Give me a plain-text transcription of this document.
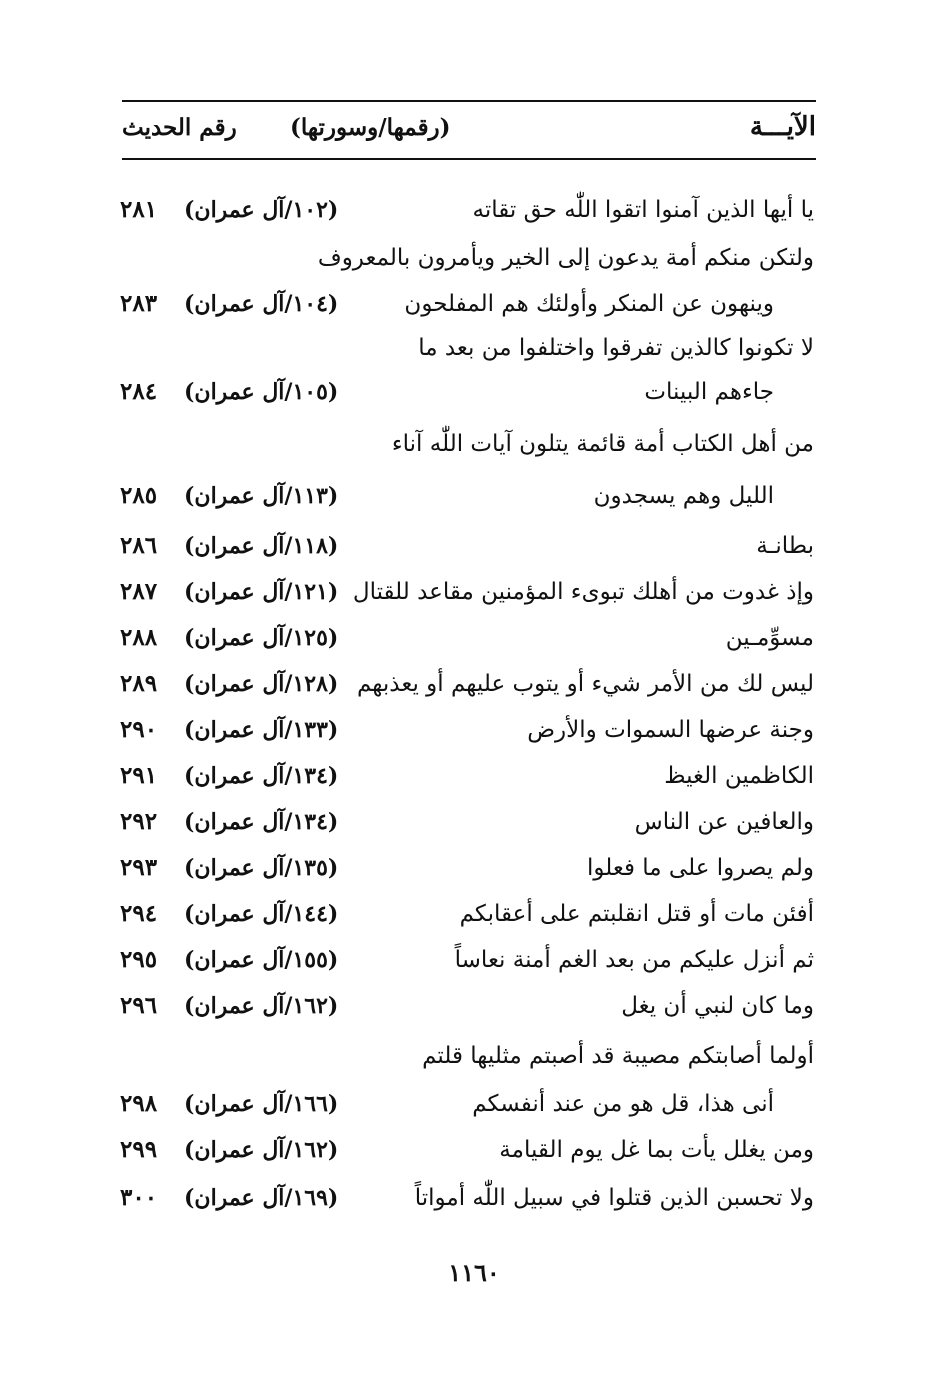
الآيـــة
(رقمها/وسورتها)
رقم الحديث
يا أيها الذين آمنوا اتقوا اللّٰه حق تقاته
(١٠٢/آل عمران)
٢٨١
ولتكن منكم أمة يدعون إلى الخير ويأمرون بالمعروف
وينهون عن المنكر وأولئك هم المفلحون
(١٠٤/آل عمران)
٢٨٣
لا تكونوا كالذين تفرقوا واختلفوا من بعد ما
جاءهم البينات
(١٠٥/آل عمران)
٢٨٤
من أهل الكتاب أمة قائمة يتلون آيات اللّٰه آناء
الليل وهم يسجدون
(١١٣/آل عمران)
٢٨٥
بطانـة
(١١٨/آل عمران)
٢٨٦
وإذ غدوت من أهلك تبوىء المؤمنين مقاعد للقتال
(١٢١/آل عمران)
٢٨٧
مسوِّمـين
(١٢٥/آل عمران)
٢٨٨
ليس لك من الأمر شيء أو يتوب عليهم أو يعذبهم
(١٢٨/آل عمران)
٢٨٩
وجنة عرضها السموات والأرض
(١٣٣/آل عمران)
٢٩٠
الكاظمين الغيظ
(١٣٤/آل عمران)
٢٩١
والعافين عن الناس
(١٣٤/آل عمران)
٢٩٢
ولم يصروا على ما فعلوا
(١٣٥/آل عمران)
٢٩٣
أفئن مات أو قتل انقلبتم على أعقابكم
(١٤٤/آل عمران)
٢٩٤
ثم أنزل عليكم من بعد الغم أمنة نعاساً
(١٥٥/آل عمران)
٢٩٥
وما كان لنبي أن يغل
(١٦٢/آل عمران)
٢٩٦
أولما أصابتكم مصيبة قد أصبتم مثليها قلتم
أنى هذا، قل هو من عند أنفسكم
(١٦٦/آل عمران)
٢٩٨
ومن يغلل يأت بما غل يوم القيامة
(١٦٢/آل عمران)
٢٩٩
ولا تحسبن الذين قتلوا في سبيل اللّٰه أمواتاً
(١٦٩/آل عمران)
٣٠٠
١١٦٠
